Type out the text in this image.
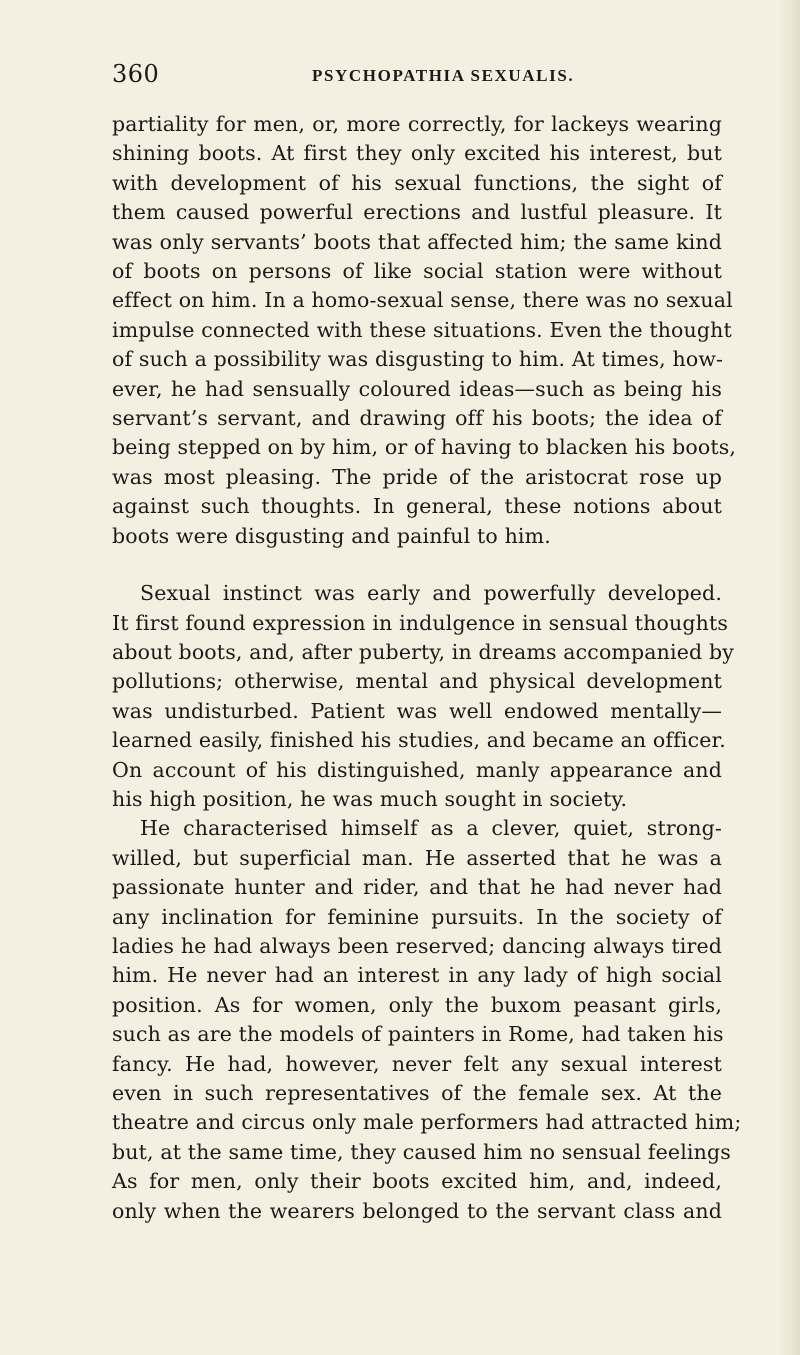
360	PSYCHOPATHIA SEXUALIS.
partiality for men, or, more correctly, for lackeys wearing
shining boots. At first they only excited his interest, but
with development of his sexual functions, the sight of
them caused powerful erections and lustful pleasure. It
was only servants’ boots that affected him; the same kind
of boots on persons of like social station were without
effect on him. In a homo-sexual sense, there was no sexual
impulse connected with these situations. Even the thought
of such a possibility was disgusting to him. At times, how-
ever, he had sensually coloured ideas—such as being his
servant’s servant, and drawing off his boots; the idea of
being stepped on by him, or of having to blacken his boots,
was most pleasing. The pride of the aristocrat rose up
against such thoughts. In general, these notions about
boots were disgusting and painful to him.
Sexual instinct was early and powerfully developed.
It first found expression in indulgence in sensual thoughts
about boots, and, after puberty, in dreams accompanied by
pollutions; otherwise, mental and physical development
was undisturbed. Patient was well endowed mentally—
learned easily, finished his studies, and became an officer.
On account of his distinguished, manly appearance and
his high position, he was much sought in society.
He characterised himself as a clever, quiet, strong-
willed, but superficial man. He asserted that he was a
passionate hunter and rider, and that he had never had
any inclination for feminine pursuits. In the society of
ladies he had always been reserved; dancing always tired
him. He never had an interest in any lady of high social
position. As for women, only the buxom peasant girls,
such as are the models of painters in Rome, had taken his
fancy. He had, however, never felt any sexual interest
even in such representatives of the female sex. At the
theatre and circus only male performers had attracted him;
but, at the same time, they caused him no sensual feelings
As for men, only their boots excited him, and, indeed,
only when the wearers belonged to the servant class and
